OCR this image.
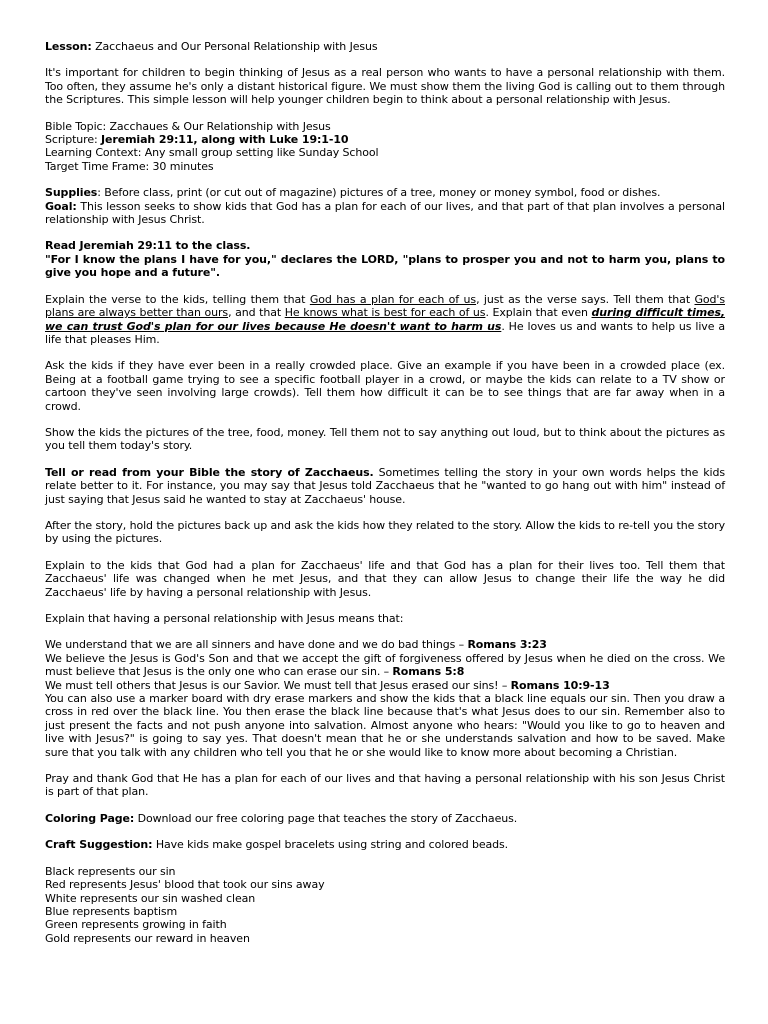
Lesson: Zacchaeus and Our Personal Relationship with Jesus

It's important for children to begin thinking of Jesus as a real person who wants to have a personal relationship with them. Too often, they assume he's only a distant historical figure. We must show them the living God is calling out to them through the Scriptures. This simple lesson will help younger children begin to think about a personal relationship with Jesus.

Bible Topic: Zacchaues & Our Relationship with Jesus
Scripture: Jeremiah 29:11, along with Luke 19:1-10
Learning Context: Any small group setting like Sunday School
Target Time Frame: 30 minutes

Supplies: Before class, print (or cut out of magazine) pictures of a tree, money or money symbol, food or dishes.
Goal: This lesson seeks to show kids that God has a plan for each of our lives, and that part of that plan involves a personal relationship with Jesus Christ.

Read Jeremiah 29:11 to the class.
"For I know the plans I have for you," declares the LORD, "plans to prosper you and not to harm you, plans to give you hope and a future".

Explain the verse to the kids, telling them that God has a plan for each of us, just as the verse says. Tell them that God's plans are always better than ours, and that He knows what is best for each of us. Explain that even during difficult times, we can trust God's plan for our lives because He doesn't want to harm us. He loves us and wants to help us live a life that pleases Him.

Ask the kids if they have ever been in a really crowded place. Give an example if you have been in a crowded place (ex. Being at a football game trying to see a specific football player in a crowd, or maybe the kids can relate to a TV show or cartoon they've seen involving large crowds). Tell them how difficult it can be to see things that are far away when in a crowd.

Show the kids the pictures of the tree, food, money. Tell them not to say anything out loud, but to think about the pictures as you tell them today's story.

Tell or read from your Bible the story of Zacchaeus. Sometimes telling the story in your own words helps the kids relate better to it. For instance, you may say that Jesus told Zacchaeus that he "wanted to go hang out with him" instead of just saying that Jesus said he wanted to stay at Zacchaeus' house.

After the story, hold the pictures back up and ask the kids how they related to the story. Allow the kids to re-tell you the story by using the pictures.

Explain to the kids that God had a plan for Zacchaeus' life and that God has a plan for their lives too. Tell them that Zacchaeus' life was changed when he met Jesus, and that they can allow Jesus to change their life the way he did Zacchaeus' life by having a personal relationship with Jesus.

Explain that having a personal relationship with Jesus means that:

We understand that we are all sinners and have done and we do bad things – Romans 3:23
We believe the Jesus is God's Son and that we accept the gift of forgiveness offered by Jesus when he died on the cross. We must believe that Jesus is the only one who can erase our sin. – Romans 5:8
We must tell others that Jesus is our Savior. We must tell that Jesus erased our sins! – Romans 10:9-13
You can also use a marker board with dry erase markers and show the kids that a black line equals our sin. Then you draw a cross in red over the black line. You then erase the black line because that's what Jesus does to our sin. Remember also to just present the facts and not push anyone into salvation. Almost anyone who hears: "Would you like to go to heaven and live with Jesus?" is going to say yes. That doesn't mean that he or she understands salvation and how to be saved. Make sure that you talk with any children who tell you that he or she would like to know more about becoming a Christian.

Pray and thank God that He has a plan for each of our lives and that having a personal relationship with his son Jesus Christ is part of that plan.

Coloring Page: Download our free coloring page that teaches the story of Zacchaeus.

Craft Suggestion: Have kids make gospel bracelets using string and colored beads.

Black represents our sin
Red represents Jesus' blood that took our sins away
White represents our sin washed clean
Blue represents baptism
Green represents growing in faith
Gold represents our reward in heaven
